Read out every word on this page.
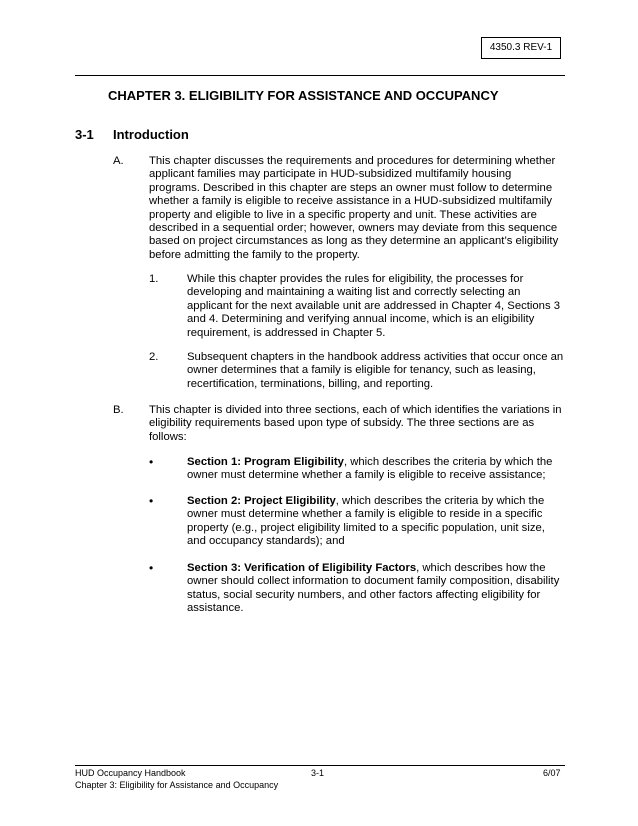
4350.3 REV-1
CHAPTER 3. ELIGIBILITY FOR ASSISTANCE AND OCCUPANCY
3-1 Introduction
A. This chapter discusses the requirements and procedures for determining whether applicant families may participate in HUD-subsidized multifamily housing programs. Described in this chapter are steps an owner must follow to determine whether a family is eligible to receive assistance in a HUD-subsidized multifamily property and eligible to live in a specific property and unit. These activities are described in a sequential order; however, owners may deviate from this sequence based on project circumstances as long as they determine an applicant’s eligibility before admitting the family to the property.
1.	While this chapter provides the rules for eligibility, the processes for developing and maintaining a waiting list and correctly selecting an applicant for the next available unit are addressed in Chapter 4, Sections 3 and 4. Determining and verifying annual income, which is an eligibility requirement, is addressed in Chapter 5.
2.	Subsequent chapters in the handbook address activities that occur once an owner determines that a family is eligible for tenancy, such as leasing, recertification, terminations, billing, and reporting.
B. This chapter is divided into three sections, each of which identifies the variations in eligibility requirements based upon type of subsidy. The three sections are as follows:
•	Section 1: Program Eligibility, which describes the criteria by which the owner must determine whether a family is eligible to receive assistance;
•	Section 2: Project Eligibility, which describes the criteria by which the owner must determine whether a family is eligible to reside in a specific property (e.g., project eligibility limited to a specific population, unit size, and occupancy standards); and
•	Section 3: Verification of Eligibility Factors, which describes how the owner should collect information to document family composition, disability status, social security numbers, and other factors affecting eligibility for assistance.
HUD Occupancy Handbook	3-1	6/07
Chapter 3: Eligibility for Assistance and Occupancy
